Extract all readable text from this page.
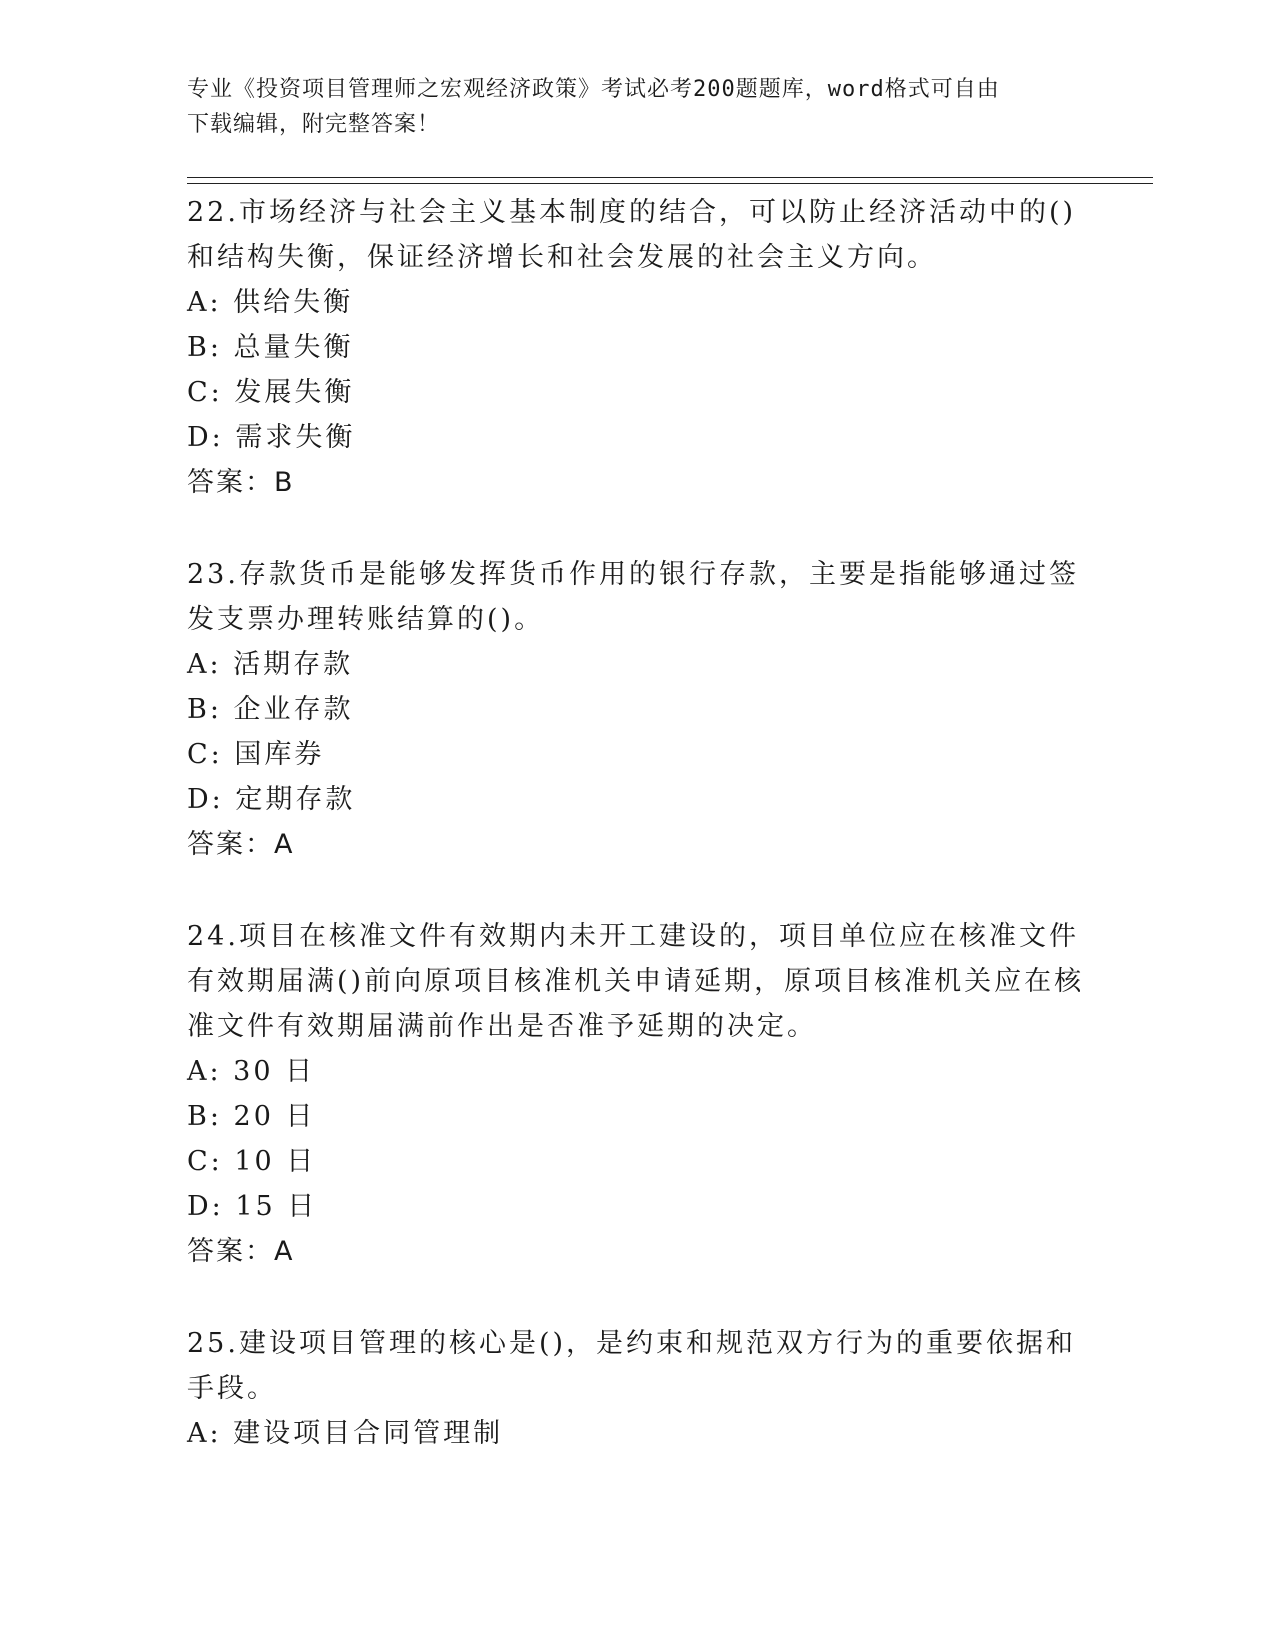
专业《投资项目管理师之宏观经济政策》考试必考200题题库，word格式可自由
下载编辑，附完整答案！
22.市场经济与社会主义基本制度的结合，可以防止经济活动中的()和结构失衡，保证经济增长和社会发展的社会主义方向。
A: 供给失衡
B: 总量失衡
C: 发展失衡
D: 需求失衡
答案：B
23.存款货币是能够发挥货币作用的银行存款，主要是指能够通过签发支票办理转账结算的()。
A: 活期存款
B: 企业存款
C: 国库券
D: 定期存款
答案：A
24.项目在核准文件有效期内未开工建设的，项目单位应在核准文件有效期届满()前向原项目核准机关申请延期，原项目核准机关应在核准文件有效期届满前作出是否准予延期的决定。
A: 30 日
B: 20 日
C: 10 日
D: 15 日
答案：A
25.建设项目管理的核心是()，是约束和规范双方行为的重要依据和手段。
A: 建设项目合同管理制
